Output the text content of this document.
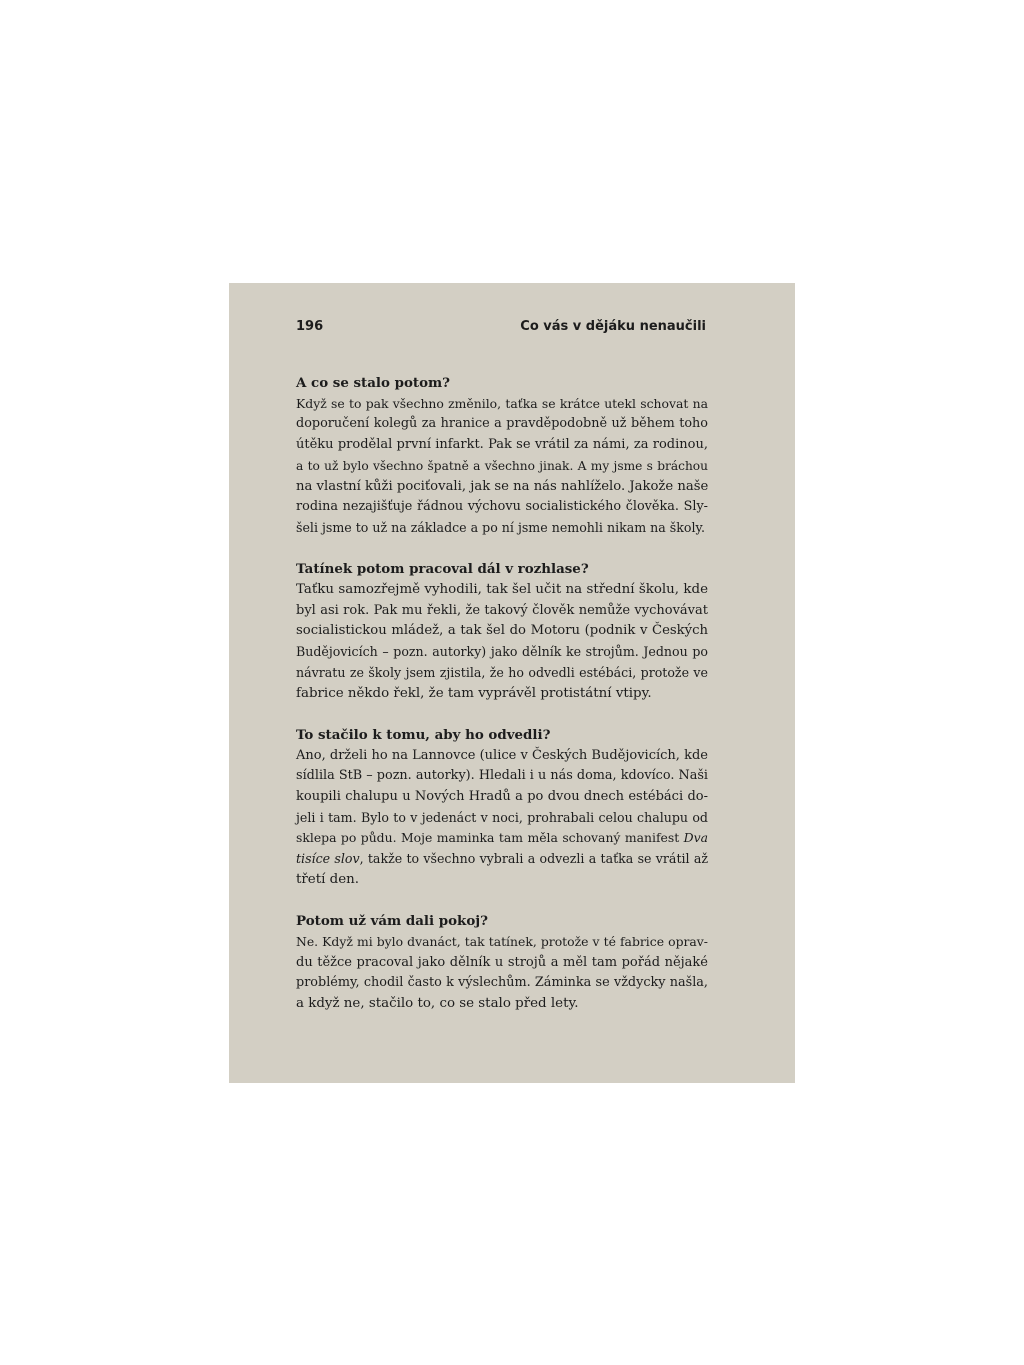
196	Co vás v dějáku nenaučili
A co se stalo potom?
Když se to pak všechno změnilo, taťka se krátce utekl schovat na
doporučení kolegů za hranice a pravděpodobně už během toho
útěku prodělal první infarkt. Pak se vrátil za námi, za rodinou,
a to už bylo všechno špatně a všechno jinak. A my jsme s bráchou
na vlastní kůži pociťovali, jak se na nás nahlíželo. Jakože naše
rodina nezajišťuje řádnou výchovu socialistického člověka. Sly-
šeli jsme to už na základce a po ní jsme nemohli nikam na školy.
Tatínek potom pracoval dál v rozhlase?
Taťku samozřejmě vyhodili, tak šel učit na střední školu, kde
byl asi rok. Pak mu řekli, že takový člověk nemůže vychovávat
socialistickou mládež, a tak šel do Motoru (podnik v Českých
Budějovicích – pozn. autorky) jako dělník ke strojům. Jednou po
návratu ze školy jsem zjistila, že ho odvedli estébáci, protože ve
fabrice někdo řekl, že tam vyprávěl protistátní vtipy.
To stačilo k tomu, aby ho odvedli?
Ano, drželi ho na Lannovce (ulice v Českých Budějovicích, kde
sídlila StB – pozn. autorky). Hledali i u nás doma, kdovíco. Naši
koupili chalupu u Nových Hradů a po dvou dnech estébáci do-
jeli i tam. Bylo to v jedenáct v noci, prohrabali celou chalupu od
sklepa po půdu. Moje maminka tam měla schovaný manifest Dva
tisíce slov, takže to všechno vybrali a odvezli a taťka se vrátil až
třetí den.
Potom už vám dali pokoj?
Ne. Když mi bylo dvanáct, tak tatínek, protože v té fabrice oprav-
du těžce pracoval jako dělník u strojů a měl tam pořád nějaké
problémy, chodil často k výslechům. Záminka se vždycky našla,
a když ne, stačilo to, co se stalo před lety.
